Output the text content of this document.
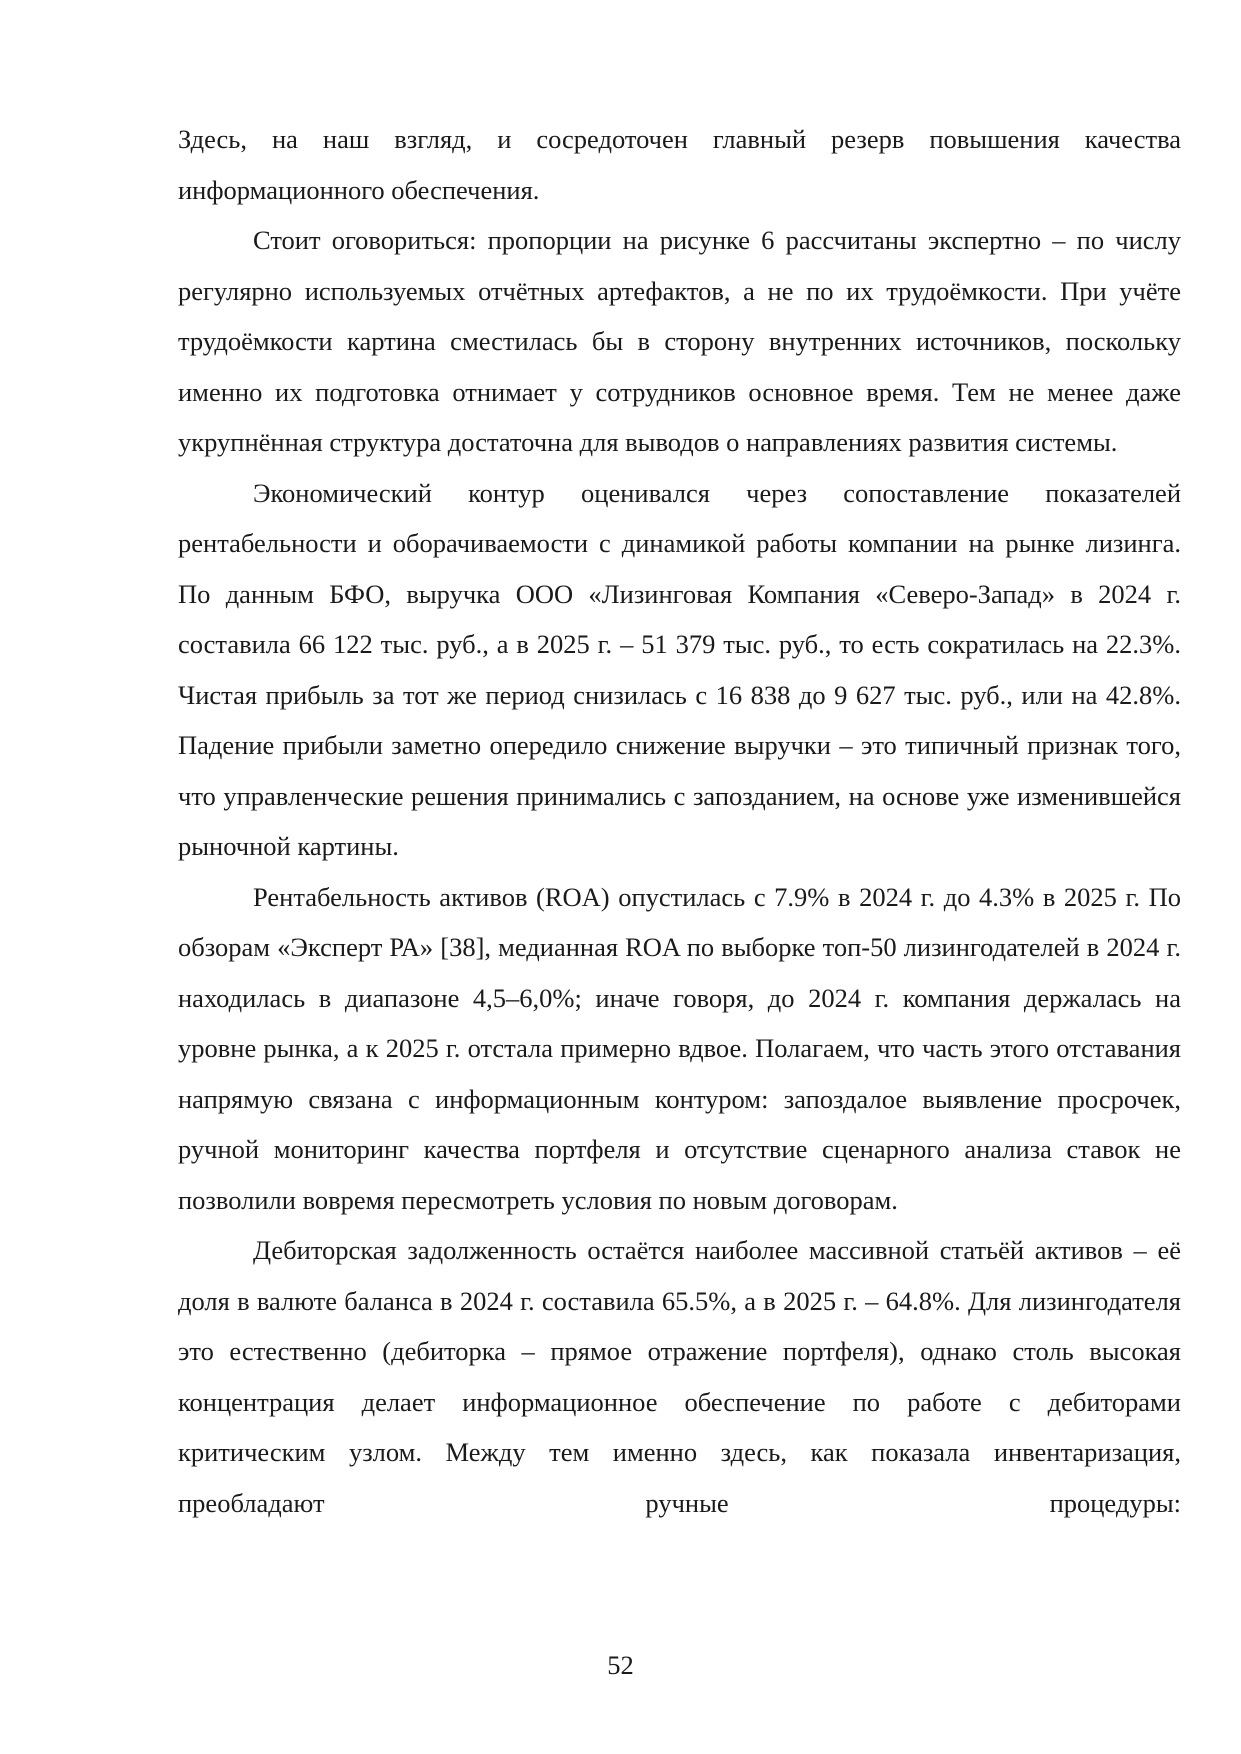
Здесь, на наш взгляд, и сосредоточен главный резерв повышения качества информационного обеспечения.

Стоит оговориться: пропорции на рисунке 6 рассчитаны экспертно – по числу регулярно используемых отчётных артефактов, а не по их трудоёмкости. При учёте трудоёмкости картина сместилась бы в сторону внутренних источников, поскольку именно их подготовка отнимает у сотрудников основное время. Тем не менее даже укрупнённая структура достаточна для выводов о направлениях развития системы.

Экономический контур оценивался через сопоставление показателей рентабельности и оборачиваемости с динамикой работы компании на рынке лизинга. По данным БФО, выручка ООО «Лизинговая Компания «Северо-Запад» в 2024 г. составила 66 122 тыс. руб., а в 2025 г. – 51 379 тыс. руб., то есть сократилась на 22.3%. Чистая прибыль за тот же период снизилась с 16 838 до 9 627 тыс. руб., или на 42.8%. Падение прибыли заметно опередило снижение выручки – это типичный признак того, что управленческие решения принимались с запозданием, на основе уже изменившейся рыночной картины.

Рентабельность активов (ROA) опустилась с 7.9% в 2024 г. до 4.3% в 2025 г. По обзорам «Эксперт РА» [38], медианная ROA по выборке топ-50 лизингодателей в 2024 г. находилась в диапазоне 4,5–6,0%; иначе говоря, до 2024 г. компания держалась на уровне рынка, а к 2025 г. отстала примерно вдвое. Полагаем, что часть этого отставания напрямую связана с информационным контуром: запоздалое выявление просрочек, ручной мониторинг качества портфеля и отсутствие сценарного анализа ставок не позволили вовремя пересмотреть условия по новым договорам.

Дебиторская задолженность остаётся наиболее массивной статьёй активов – её доля в валюте баланса в 2024 г. составила 65.5%, а в 2025 г. – 64.8%. Для лизингодателя это естественно (дебиторка – прямое отражение портфеля), однако столь высокая концентрация делает информационное обеспечение по работе с дебиторами критическим узлом. Между тем именно здесь, как показала инвентаризация, преобладают ручные процедуры:

52
